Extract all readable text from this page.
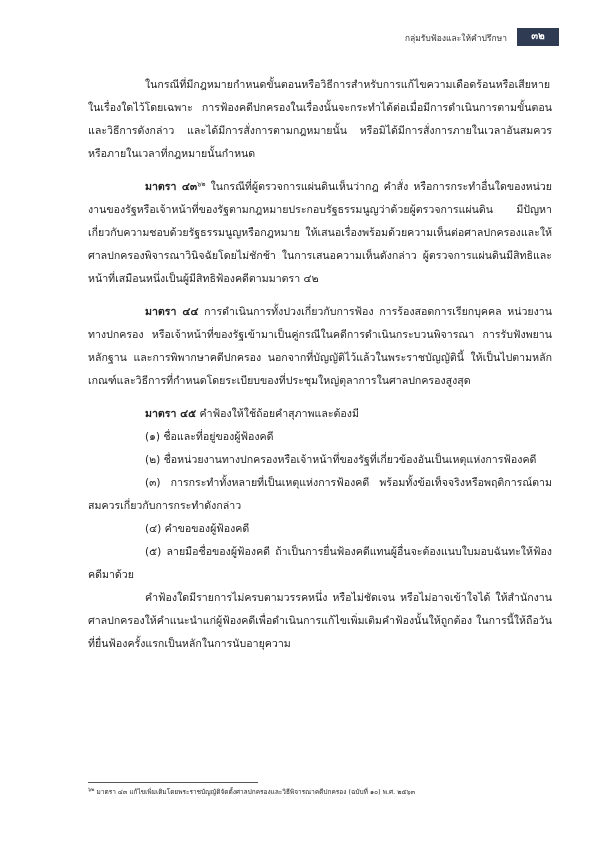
กลุ่มรับฟ้องและให้คำปรึกษา	๓๒

ในกรณีที่มีกฎหมายกำหนดขั้นตอนหรือวิธีการสำหรับการแก้ไขความเดือดร้อนหรือเสียหายในเรื่องใดไว้โดยเฉพาะ การฟ้องคดีปกครองในเรื่องนั้นจะกระทำได้ต่อเมื่อมีการดำเนินการตามขั้นตอนและวิธีการดังกล่าว และได้มีการสั่งการตามกฎหมายนั้น หรือมิได้มีการสั่งการภายในเวลาอันสมควร หรือภายในเวลาที่กฎหมายนั้นกำหนด

มาตรา ๔๓$^{๖๒}$ ในกรณีที่ผู้ตรวจการแผ่นดินเห็นว่ากฎ คำสั่ง หรือการกระทำอื่นใดของหน่วยงานของรัฐหรือเจ้าหน้าที่ของรัฐตามกฎหมายประกอบรัฐธรรมนูญว่าด้วยผู้ตรวจการแผ่นดิน มีปัญหาเกี่ยวกับความชอบด้วยรัฐธรรมนูญหรือกฎหมาย ให้เสนอเรื่องพร้อมด้วยความเห็นต่อศาลปกครองและให้ศาลปกครองพิจารณาวินิจฉัยโดยไม่ชักช้า ในการเสนอความเห็นดังกล่าว ผู้ตรวจการแผ่นดินมีสิทธิและหน้าที่เสมือนหนึ่งเป็นผู้มีสิทธิฟ้องคดีตามมาตรา ๔๒

มาตรา ๔๔ การดำเนินการทั้งปวงเกี่ยวกับการฟ้อง การร้องสอดการเรียกบุคคล หน่วยงานทางปกครอง หรือเจ้าหน้าที่ของรัฐเข้ามาเป็นคู่กรณีในคดีการดำเนินกระบวนพิจารณา การรับฟังพยานหลักฐาน และการพิพากษาคดีปกครอง นอกจากที่บัญญัติไว้แล้วในพระราชบัญญัตินี้ ให้เป็นไปตามหลักเกณฑ์และวิธีการที่กำหนดโดยระเบียบของที่ประชุมใหญ่ตุลาการในศาลปกครองสูงสุด

มาตรา ๔๕ คำฟ้องให้ใช้ถ้อยคำสุภาพและต้องมี

(๑) ชื่อและที่อยู่ของผู้ฟ้องคดี

(๒) ชื่อหน่วยงานทางปกครองหรือเจ้าหน้าที่ของรัฐที่เกี่ยวข้องอันเป็นเหตุแห่งการฟ้องคดี

(๓) การกระทำทั้งหลายที่เป็นเหตุแห่งการฟ้องคดี พร้อมทั้งข้อเท็จจริงหรือพฤติการณ์ตามสมควรเกี่ยวกับการกระทำดังกล่าว

(๔) คำขอของผู้ฟ้องคดี

(๕) ลายมือชื่อของผู้ฟ้องคดี ถ้าเป็นการยื่นฟ้องคดีแทนผู้อื่นจะต้องแนบใบมอบฉันทะให้ฟ้องคดีมาด้วย

คำฟ้องใดมีรายการไม่ครบตามวรรคหนึ่ง หรือไม่ชัดเจน หรือไม่อาจเข้าใจได้ ให้สำนักงานศาลปกครองให้คำแนะนำแก่ผู้ฟ้องคดีเพื่อดำเนินการแก้ไขเพิ่มเติมคำฟ้องนั้นให้ถูกต้อง ในการนี้ให้ถือวันที่ยื่นฟ้องครั้งแรกเป็นหลักในการนับอายุความ

$^{๖๒}$ มาตรา ๔๓ แก้ไขเพิ่มเติมโดยพระราชบัญญัติจัดตั้งศาลปกครองและวิธีพิจารณาคดีปกครอง (ฉบับที่ ๑๐) พ.ศ. ๒๕๖๓
